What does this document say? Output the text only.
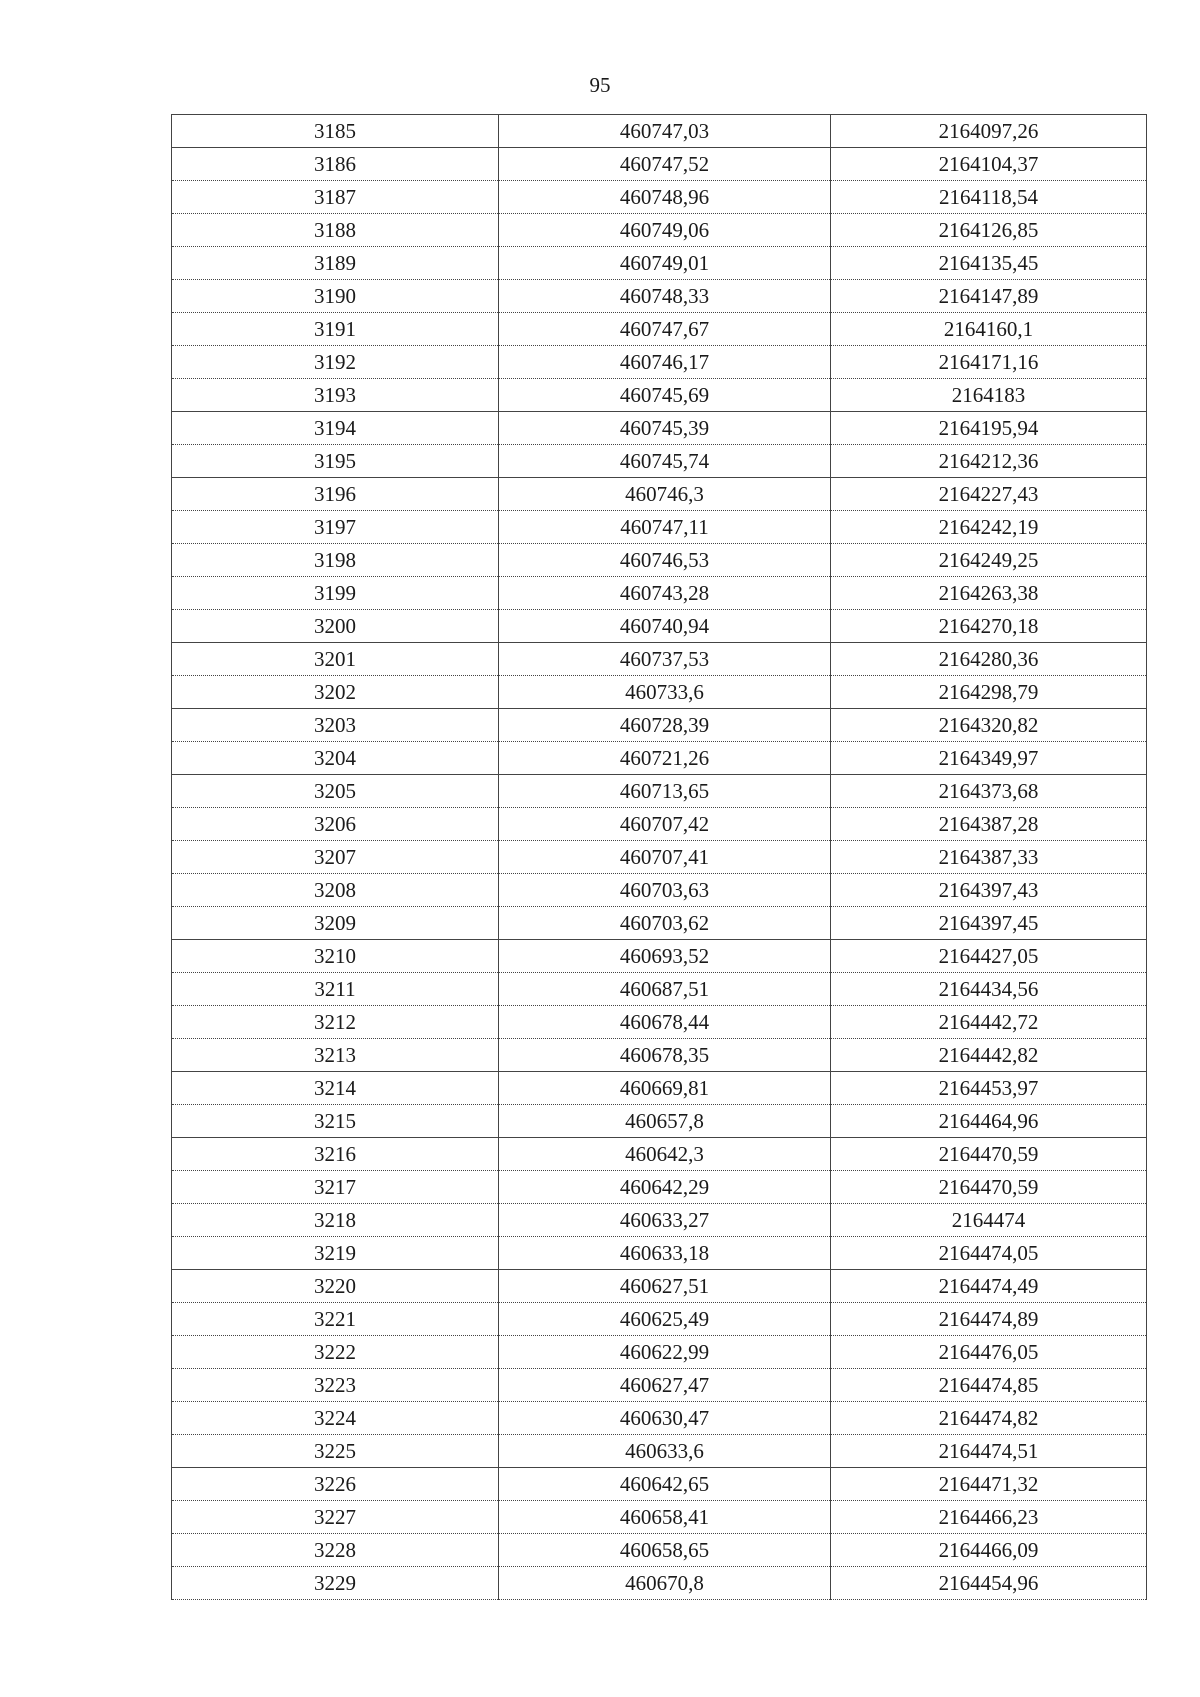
95
3185	460747,03	2164097,26
3186	460747,52	2164104,37
3187	460748,96	2164118,54
3188	460749,06	2164126,85
3189	460749,01	2164135,45
3190	460748,33	2164147,89
3191	460747,67	2164160,1
3192	460746,17	2164171,16
3193	460745,69	2164183
3194	460745,39	2164195,94
3195	460745,74	2164212,36
3196	460746,3	2164227,43
3197	460747,11	2164242,19
3198	460746,53	2164249,25
3199	460743,28	2164263,38
3200	460740,94	2164270,18
3201	460737,53	2164280,36
3202	460733,6	2164298,79
3203	460728,39	2164320,82
3204	460721,26	2164349,97
3205	460713,65	2164373,68
3206	460707,42	2164387,28
3207	460707,41	2164387,33
3208	460703,63	2164397,43
3209	460703,62	2164397,45
3210	460693,52	2164427,05
3211	460687,51	2164434,56
3212	460678,44	2164442,72
3213	460678,35	2164442,82
3214	460669,81	2164453,97
3215	460657,8	2164464,96
3216	460642,3	2164470,59
3217	460642,29	2164470,59
3218	460633,27	2164474
3219	460633,18	2164474,05
3220	460627,51	2164474,49
3221	460625,49	2164474,89
3222	460622,99	2164476,05
3223	460627,47	2164474,85
3224	460630,47	2164474,82
3225	460633,6	2164474,51
3226	460642,65	2164471,32
3227	460658,41	2164466,23
3228	460658,65	2164466,09
3229	460670,8	2164454,96
